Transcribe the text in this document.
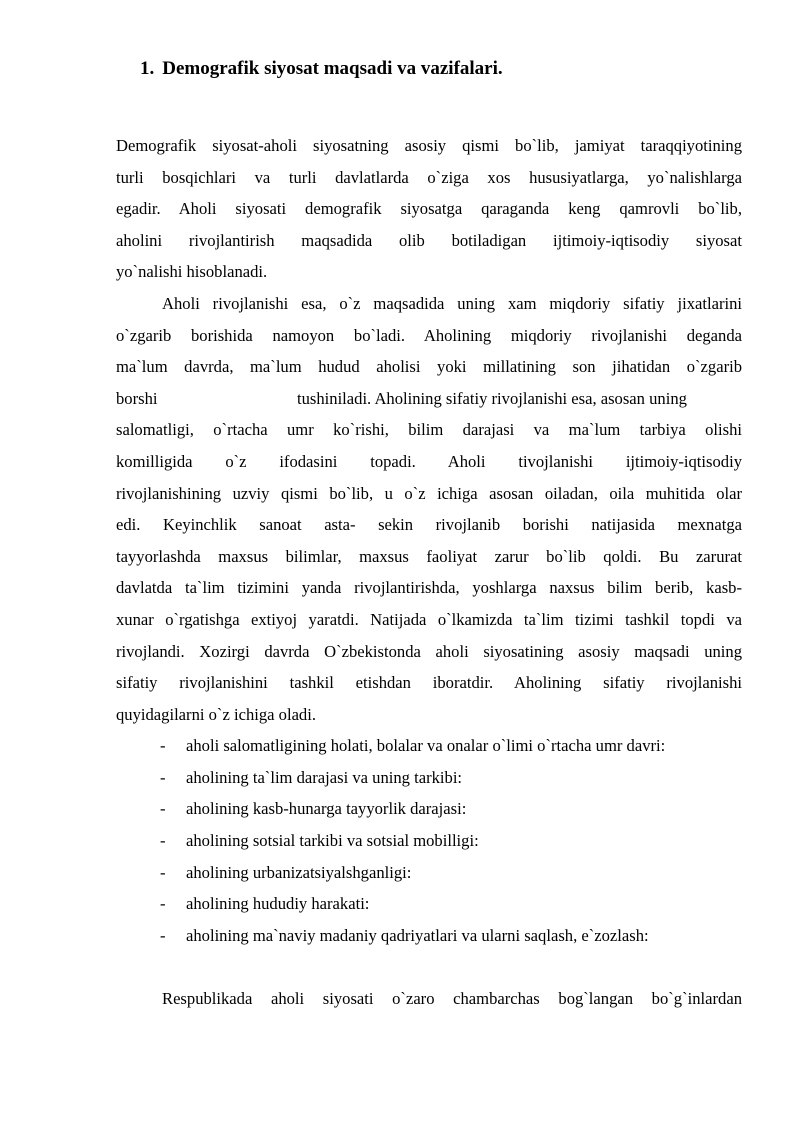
1. Demografik siyosat maqsadi va vazifalari.
Demografik siyosat-aholi siyosatning asosiy qismi bo`lib, jamiyat taraqqiyotining
turli bosqichlari va turli davlatlarda o`ziga xos hususiyatlarga, yo`nalishlarga
egadir. Aholi siyosati demografik siyosatga qaraganda keng qamrovli bo`lib,
aholini rivojlantirish maqsadida olib botiladigan ijtimoiy-iqtisodiy siyosat
yo`nalishi hisoblanadi.
Aholi rivojlanishi esa, o`z maqsadida uning xam miqdoriy sifatiy jixatlarini
o`zgarib borishida namoyon bo`ladi. Aholining miqdoriy rivojlanishi deganda
ma`lum davrda, ma`lum hudud aholisi yoki millatining son jihatidan o`zgarib
borshi	tushiniladi. Aholining sifatiy rivojlanishi esa, asosan uning
salomatligi, o`rtacha umr ko`rishi, bilim darajasi va ma`lum tarbiya olishi
komilligida o`z ifodasini topadi. Aholi tivojlanishi ijtimoiy-iqtisodiy
rivojlanishining uzviy qismi bo`lib, u o`z ichiga asosan oiladan, oila muhitida olar
edi. Keyinchlik sanoat asta- sekin rivojlanib borishi natijasida mexnatga
tayyorlashda maxsus bilimlar, maxsus faoliyat zarur bo`lib qoldi. Bu zarurat
davlatda ta`lim tizimini yanda rivojlantirishda, yoshlarga naxsus bilim berib, kasb-
xunar o`rgatishga extiyoj yaratdi. Natijada o`lkamizda ta`lim tizimi tashkil topdi va
rivojlandi. Xozirgi davrda O`zbekistonda aholi siyosatining asosiy maqsadi uning
sifatiy rivojlanishini tashkil etishdan iboratdir. Aholining sifatiy rivojlanishi
quyidagilarni o`z ichiga oladi.
- aholi salomatligining holati, bolalar va onalar o`limi o`rtacha umr davri:
- aholining ta`lim darajasi va uning tarkibi:
- aholining kasb-hunarga tayyorlik darajasi:
- aholining sotsial tarkibi va sotsial mobilligi:
- aholining urbanizatsiyalshganligi:
- aholining hududiy harakati:
- aholining ma`naviy madaniy qadriyatlari va ularni saqlash, e`zozlash:
Respublikada aholi siyosati o`zaro chambarchas bog`langan bo`g`inlardan
